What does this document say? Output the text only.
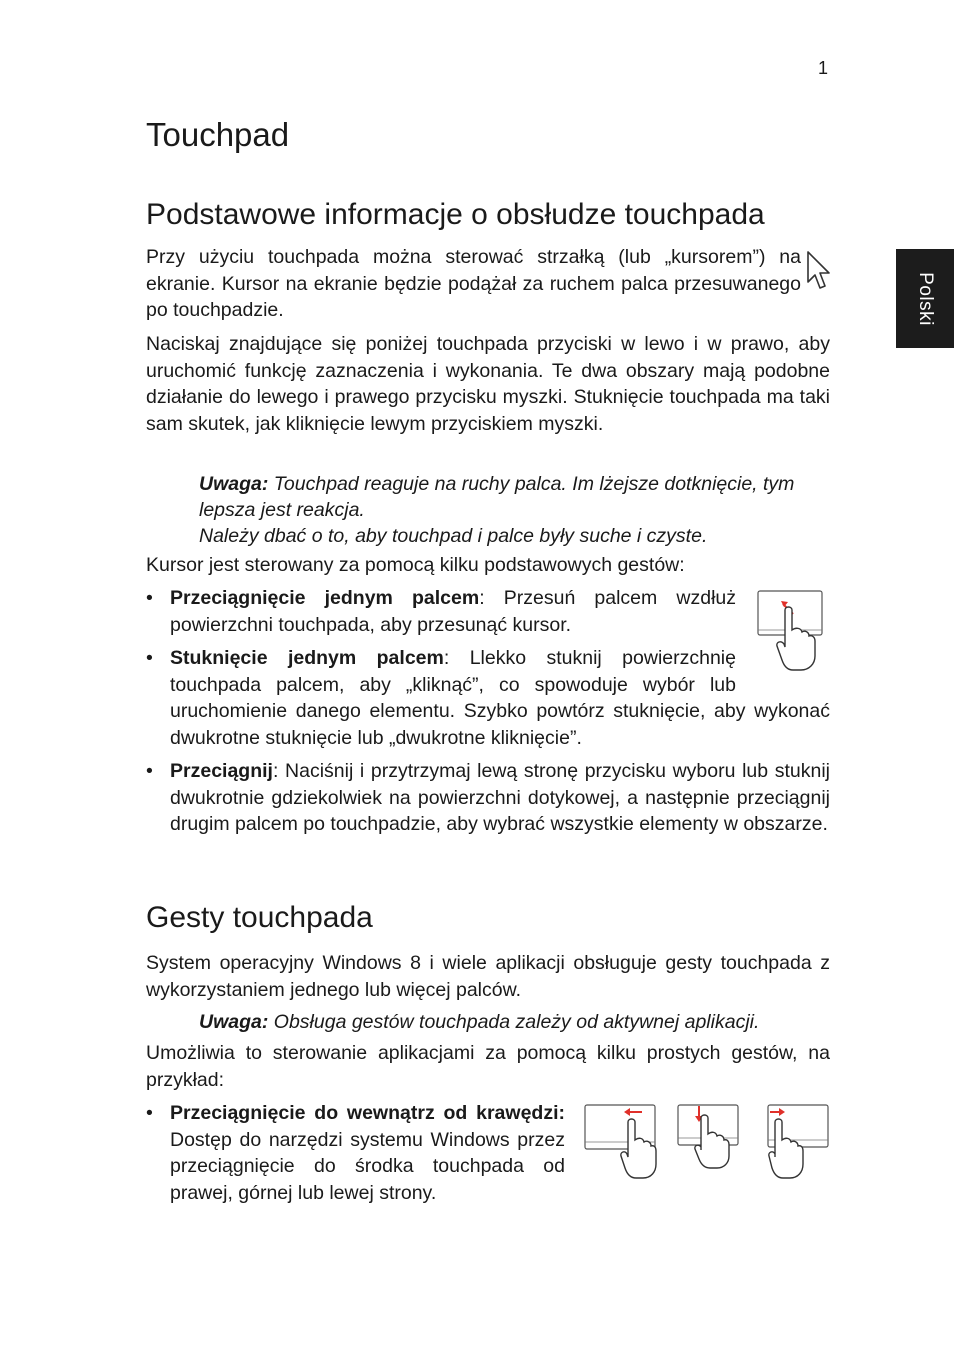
1
Polski
Touchpad
Podstawowe informacje o obsłudze touchpada

Przy użyciu touchpada można sterować strzałką (lub „kursorem”) na ekranie. Kursor na ekranie będzie podążał za ruchem palca przesuwanego po touchpadzie.

Naciskaj znajdujące się poniżej touchpada przyciski w lewo i w prawo, aby uruchomić funkcję zaznaczenia i wykonania. Te dwa obszary mają podobne działanie do lewego i prawego przycisku myszki. Stuknięcie touchpada ma taki sam skutek, jak kliknięcie lewym przyciskiem myszki.

Uwaga: Touchpad reaguje na ruchy palca. Im lżejsze dotknięcie, tym lepsza jest reakcja.
Należy dbać o to, aby touchpad i palce były suche i czyste.

Kursor jest sterowany za pomocą kilku podstawowych gestów:

• Przeciągnięcie jednym palcem: Przesuń palcem wzdłuż powierzchni touchpada, aby przesunąć kursor.
• Stuknięcie jednym palcem: Llekko stuknij powierzchnię touchpada palcem, aby „kliknąć”, co spowoduje wybór lub uruchomienie danego elementu. Szybko powtórz stuknięcie, aby wykonać dwukrotne stuknięcie lub „dwukrotne kliknięcie”.
• Przeciągnij: Naciśnij i przytrzymaj lewą stronę przycisku wyboru lub stuknij dwukrotnie gdziekolwiek na powierzchni dotykowej, a następnie przeciągnij drugim palcem po touchpadzie, aby wybrać wszystkie elementy w obszarze.
Gesty touchpada

System operacyjny Windows 8 i wiele aplikacji obsługuje gesty touchpada z wykorzystaniem jednego lub więcej palców.

Uwaga: Obsługa gestów touchpada zależy od aktywnej aplikacji.

Umożliwia to sterowanie aplikacjami za pomocą kilku prostych gestów, na przykład:

• Przeciągnięcie do wewnątrz od krawędzi: Dostęp do narzędzi systemu Windows przez przeciągnięcie do środka touchpada od prawej, górnej lub lewej strony.
